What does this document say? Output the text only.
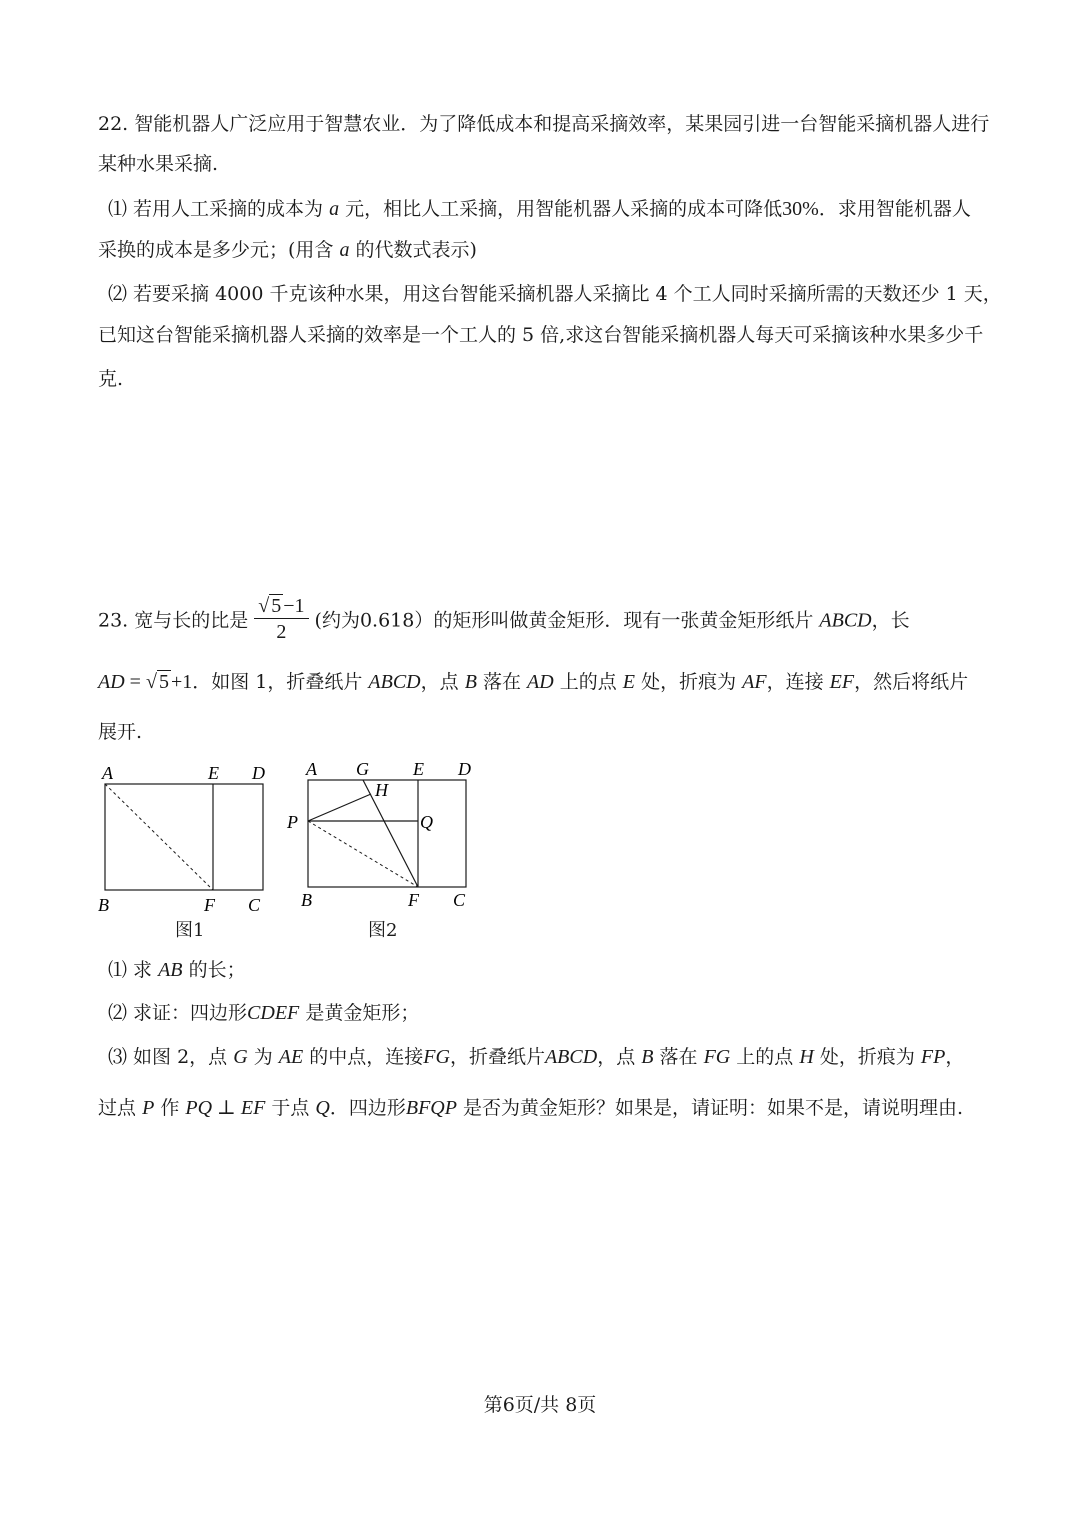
22. 智能机器人广泛应用于智慧农业．为了降低成本和提高采摘效率，某果园引进一台智能采摘机器人进行

某种水果采摘.

⑴ 若用人工采摘的成本为 a 元，相比人工采摘，用智能机器人采摘的成本可降低30%．求用智能机器人

采换的成本是多少元；(用含 a 的代数式表示)

⑵ 若要采摘 4000 千克该种水果，用这台智能采摘机器人采摘比 4 个工人同时采摘所需的天数还少 1 天，

已知这台智能采摘机器人采摘的效率是一个工人的 5 倍,求这台智能采摘机器人每天可采摘该种水果多少千

克.

23. 宽与长的比是 $\frac{√ 5 -1}{2}$ (约为0.618）的矩形叫做黄金矩形．现有一张黄金矩形纸片 ABCD，长

AD = √ 5 +1．如图 1，折叠纸片 ABCD，点 B 落在 AD 上的点 E 处，折痕为 AF，连接 EF，然后将纸片

展开.

A	E D
B	F C
A G E D
H
P	Q
B	F C
图1	图2

⑴ 求 AB 的长；

⑵ 求证：四边形CDEF 是黄金矩形；

⑶ 如图 2，点 G 为 AE 的中点，连接FG，折叠纸片ABCD，点 B 落在 FG 上的点 H 处，折痕为 FP，

过点 P 作 PQ ⊥ EF 于点 Q．四边形BFQP 是否为黄金矩形？如果是，请证明：如果不是，请说明理由.

第6页/共 8页
